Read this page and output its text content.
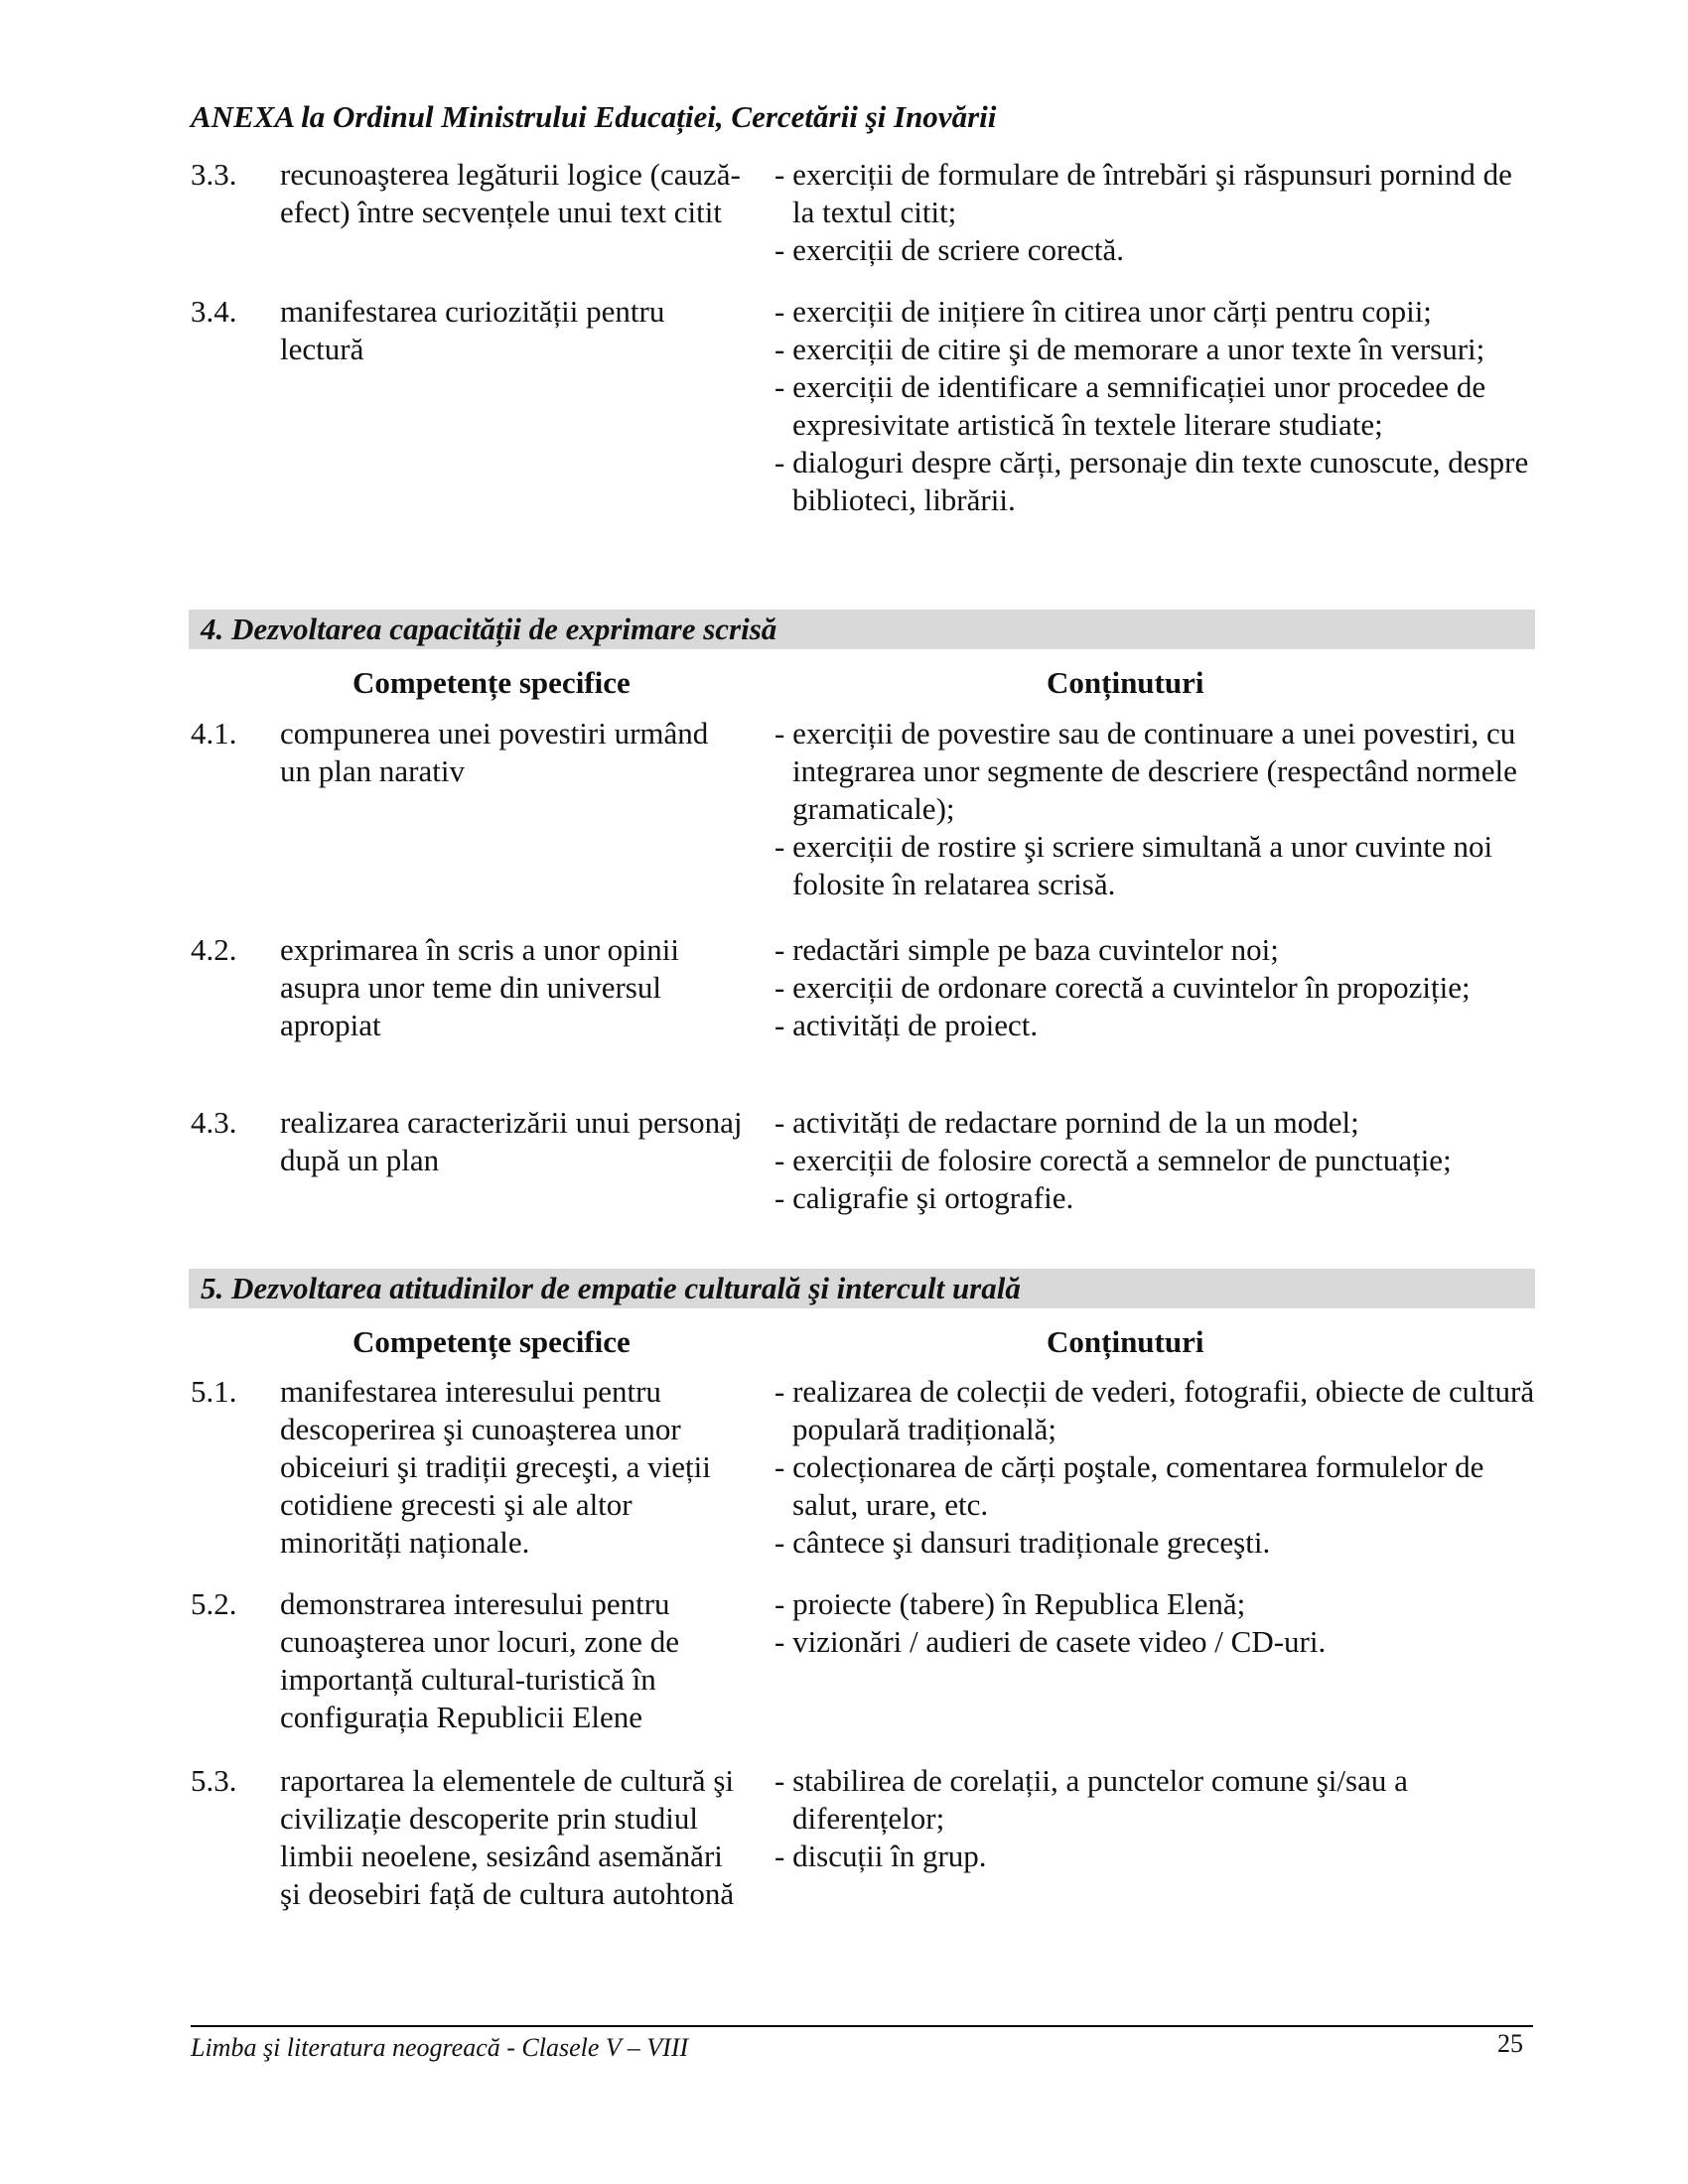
ANEXA la Ordinul Ministrului Educației, Cercetării şi Inovării
3.3. recunoaşterea legăturii logice (cauză-efect) între secvențele unui text citit
- exerciții de formulare de întrebări şi răspunsuri pornind de la textul citit;
- exerciții de scriere corectă.
3.4. manifestarea curiozității pentru lectură
- exerciții de inițiere în citirea unor cărți pentru copii;
- exerciții de citire şi de memorare a unor texte în versuri;
- exerciții de identificare a semnificației unor procedee de expresivitate artistică în textele literare studiate;
- dialoguri despre cărți, personaje din texte cunoscute, despre biblioteci, librării.
4. Dezvoltarea capacității de exprimare scrisă
Competențe specifice	Conținuturi
4.1. compunerea unei povestiri urmând un plan narativ
- exerciții de povestire sau de continuare a unei povestiri, cu integrarea unor segmente de descriere (respectând normele gramaticale);
- exerciții de rostire şi scriere simultană a unor cuvinte noi folosite în relatarea scrisă.
4.2. exprimarea în scris a unor opinii asupra unor teme din universul apropiat
- redactări simple pe baza cuvintelor noi;
- exerciții de ordonare corectă a cuvintelor în propoziție;
- activități de proiect.
4.3. realizarea caracterizării unui personaj după un plan
- activități de redactare pornind de la un model;
- exerciții de folosire corectă a semnelor de punctuație;
- caligrafie şi ortografie.
5. Dezvoltarea atitudinilor de empatie culturală şi intercult urală
Competențe specifice	Conținuturi
5.1. manifestarea interesului pentru descoperirea şi cunoaşterea unor obiceiuri şi tradiții greceşti, a vieții cotidiene grecesti şi ale altor minorități naționale.
- realizarea de colecții de vederi, fotografii, obiecte de cultură populară tradițională;
- colecționarea de cărți poştale, comentarea formulelor de salut, urare, etc.
- cântece şi dansuri tradiționale greceşti.
5.2. demonstrarea interesului pentru cunoaşterea unor locuri, zone de importanță cultural-turistică în configurația Republicii Elene
- proiecte (tabere) în Republica Elenă;
- vizionări / audieri de casete video / CD-uri.
5.3. raportarea la elementele de cultură şi civilizație descoperite prin studiul limbii neoelene, sesizând asemănări şi deosebiri față de cultura autohtonă
- stabilirea de corelații, a punctelor comune şi/sau a diferențelor;
- discuții în grup.
Limba şi literatura neogreacă - Clasele V – VIII	25
